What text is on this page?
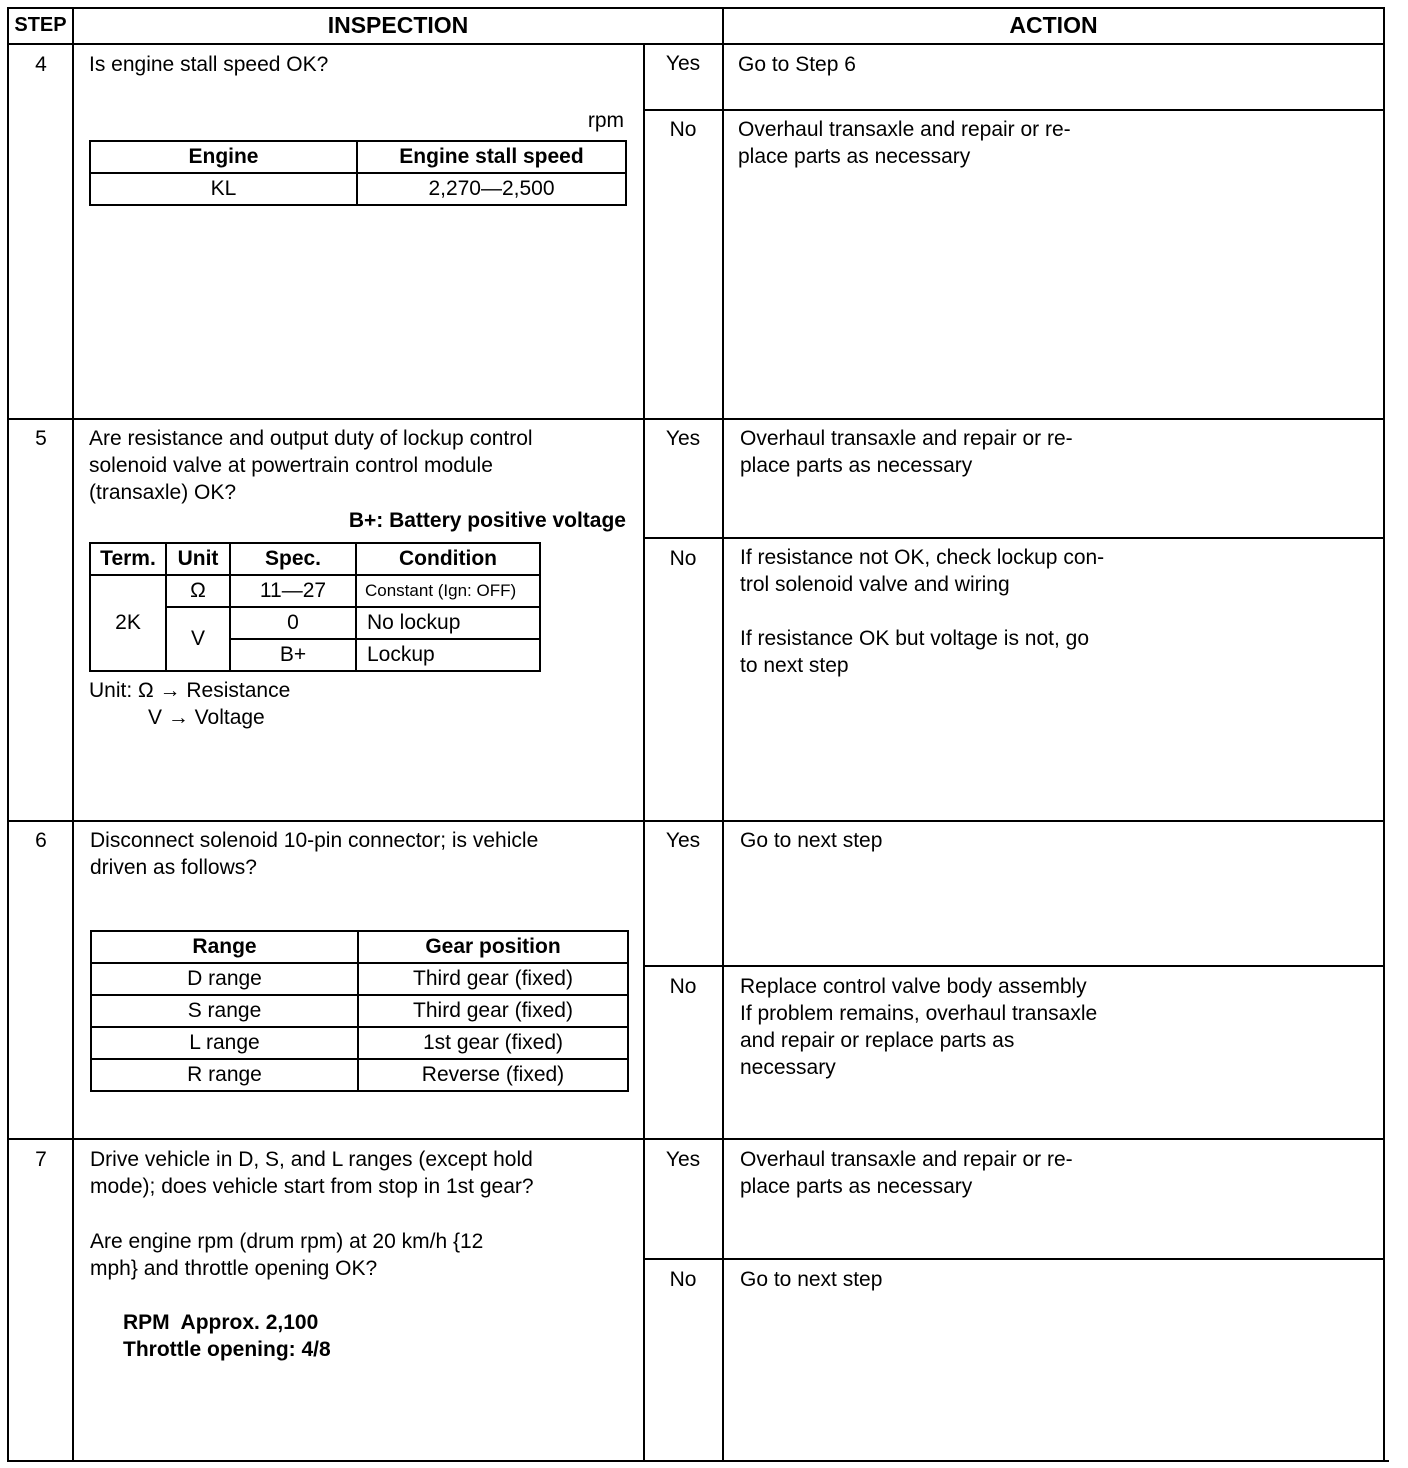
STEP	INSPECTION	ACTION
4	Is engine stall speed OK?
rpm
Engine	Engine stall speed
KL	2,270—2,500
Yes	Go to Step 6
No	Overhaul transaxle and repair or re-
place parts as necessary
5	Are resistance and output duty of lockup control
solenoid valve at powertrain control module
(transaxle) OK?
B+: Battery positive voltage
Term.	Unit	Spec.	Condition
2K	Ω	11—27	Constant (Ign: OFF)
	V	0	No lockup
		B+	Lockup
Unit: Ω → Resistance
V → Voltage
Yes	Overhaul transaxle and repair or re-
place parts as necessary
No	If resistance not OK, check lockup con-
trol solenoid valve and wiring
If resistance OK but voltage is not, go
to next step
6	Disconnect solenoid 10-pin connector; is vehicle
driven as follows?
Range	Gear position
D range	Third gear (fixed)
S range	Third gear (fixed)
L range	1st gear (fixed)
R range	Reverse (fixed)
Yes	Go to next step
No	Replace control valve body assembly
If problem remains, overhaul transaxle
and repair or replace parts as
necessary
7	Drive vehicle in D, S, and L ranges (except hold
mode); does vehicle start from stop in 1st gear?
Are engine rpm (drum rpm) at 20 km/h {12
mph} and throttle opening OK?
RPM  Approx. 2,100
Throttle opening: 4/8
Yes	Overhaul transaxle and repair or re-
place parts as necessary
No	Go to next step
